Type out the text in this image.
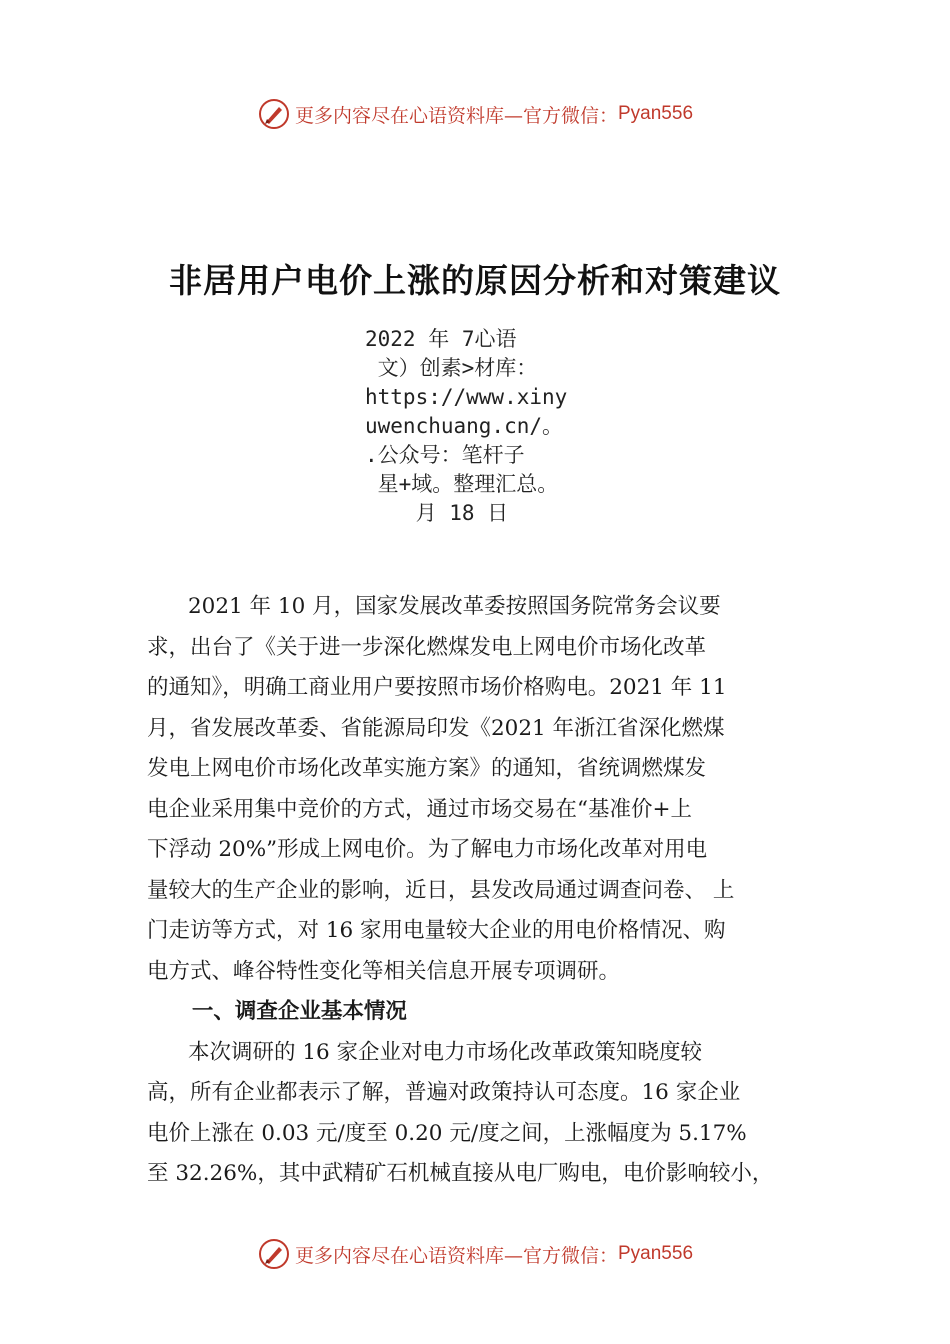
更多内容尽在心语资料库—官方微信： Pyan556
非居用户电价上涨的原因分析和对策建议
2022 年 7心语
文）创素>材库：
https://www.xiny
uwenchuang.cn/。
.公众号：笔杆子
星+域。整理汇总。
月 18 日
2021 年 10 月，国家发展改革委按照国务院常务会议要
求，出台了《关于进一步深化燃煤发电上网电价市场化改革
的通知》，明确工商业用户要按照市场价格购电。2021 年 11
月，省发展改革委、省能源局印发《2021 年浙江省深化燃煤
发电上网电价市场化改革实施方案》的通知，省统调燃煤发
电企业采用集中竞价的方式，通过市场交易在“基准价+上
下浮动 20%”形成上网电价。为了解电力市场化改革对用电
量较大的生产企业的影响，近日，县发改局通过调查问卷、 上
门走访等方式，对 16 家用电量较大企业的用电价格情况、购
电方式、峰谷特性变化等相关信息开展专项调研。
一、调查企业基本情况
本次调研的 16 家企业对电力市场化改革政策知晓度较
高，所有企业都表示了解，普遍对政策持认可态度。16 家企业
电价上涨在 0.03 元/度至 0.20 元/度之间，上涨幅度为 5.17%
至 32.26%，其中武精矿石机械直接从电厂购电，电价影响较小，
更多内容尽在心语资料库—官方微信： Pyan556
